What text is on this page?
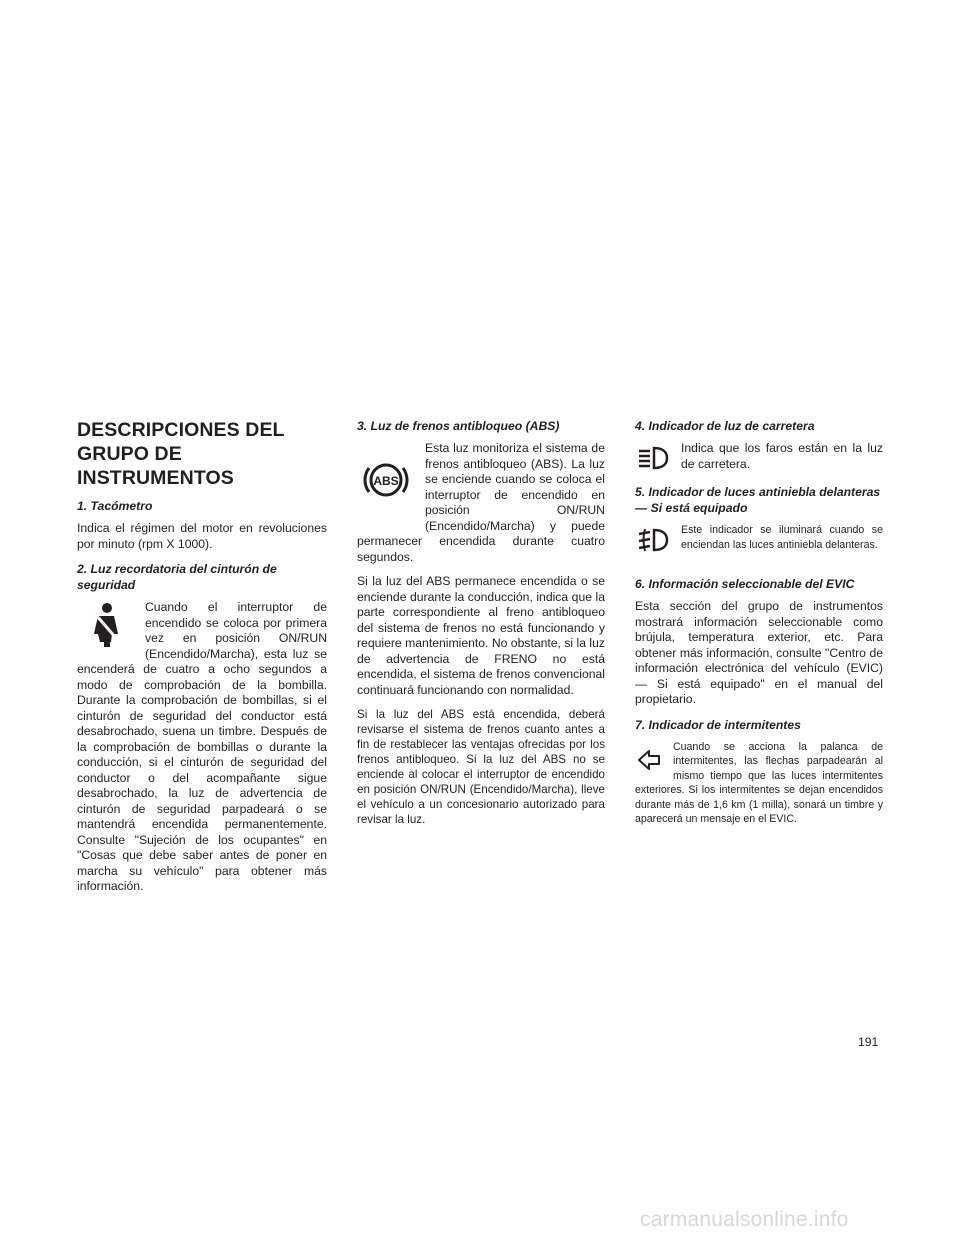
DESCRIPCIONES DEL GRUPO DE INSTRUMENTOS
1. Tacómetro
Indica el régimen del motor en revoluciones por minuto (rpm X 1000).
2. Luz recordatoria del cinturón de seguridad
Cuando el interruptor de encendido se coloca por primera vez en posición ON/RUN (Encendido/Marcha), esta luz se encenderá de cuatro a ocho segundos a modo de comprobación de la bombilla. Durante la comprobación de bombillas, si el cinturón de seguridad del conductor está desabrochado, suena un timbre. Después de la comprobación de bombillas o durante la conducción, si el cinturón de seguridad del conductor o del acompañante sigue desabrochado, la luz de advertencia de cinturón de seguridad parpadeará o se mantendrá encendida permanentemente. Consulte "Sujeción de los ocupantes" en "Cosas que debe saber antes de poner en marcha su vehículo" para obtener más información.
3. Luz de frenos antibloqueo (ABS)
ABS
Esta luz monitoriza el sistema de frenos antibloqueo (ABS). La luz se enciende cuando se coloca el interruptor de encendido en posición ON/RUN (Encendido/Marcha) y puede permanecer encendida durante cuatro segundos.
Si la luz del ABS permanece encendida o se enciende durante la conducción, indica que la parte correspondiente al freno antibloqueo del sistema de frenos no está funcionando y requiere mantenimiento. No obstante, si la luz de advertencia de FRENO no está encendida, el sistema de frenos convencional continuará funcionando con normalidad.
Si la luz del ABS está encendida, deberá revisarse el sistema de frenos cuanto antes a fin de restablecer las ventajas ofrecidas por los frenos antibloqueo. Si la luz del ABS no se enciende al colocar el interruptor de encendido en posición ON/RUN (Encendido/Marcha), lleve el vehículo a un concesionario autorizado para revisar la luz.
4. Indicador de luz de carretera
Indica que los faros están en la luz de carretera.
5. Indicador de luces antiniebla delanteras — Si está equipado
Este indicador se iluminará cuando se enciendan las luces antiniebla delanteras.
6. Información seleccionable del EVIC
Esta sección del grupo de instrumentos mostrará información seleccionable como brújula, temperatura exterior, etc. Para obtener más información, consulte "Centro de información electrónica del vehículo (EVIC) — Si está equipado" en el manual del propietario.
7. Indicador de intermitentes
Cuando se acciona la palanca de intermitentes, las flechas parpadearán al mismo tiempo que las luces intermitentes exteriores. Si los intermitentes se dejan encendidos durante más de 1,6 km (1 milla), sonará un timbre y aparecerá un mensaje en el EVIC.
191
carmanualsonline.info
